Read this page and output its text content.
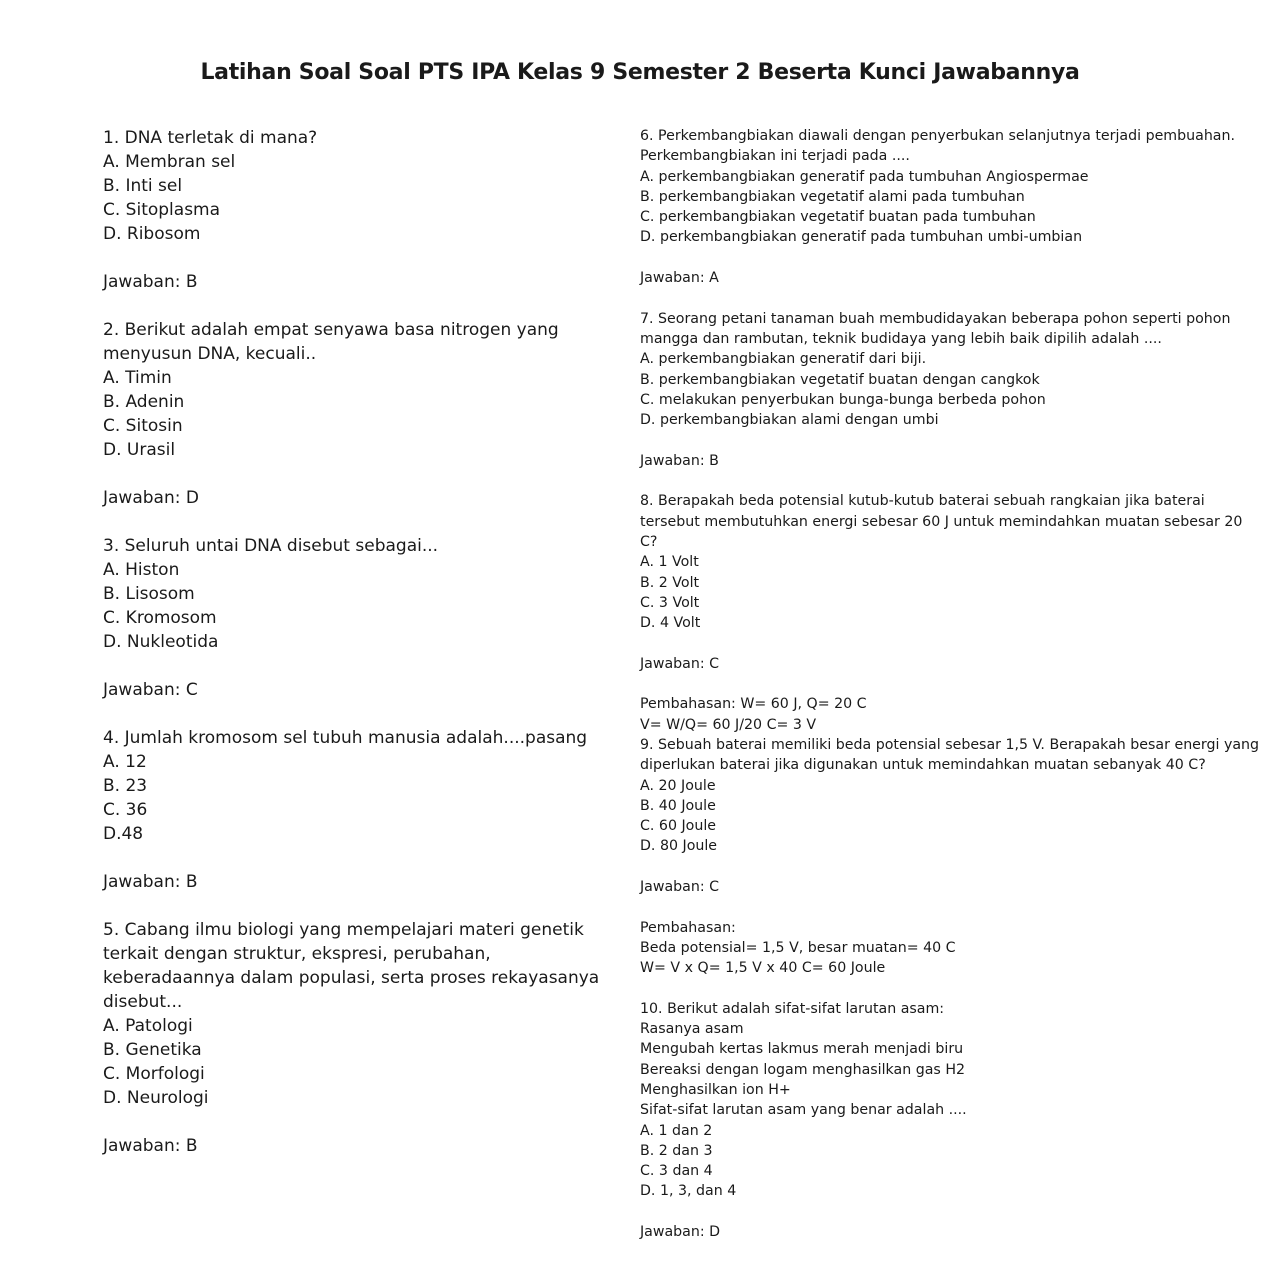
Latihan Soal Soal PTS IPA Kelas 9 Semester 2 Beserta Kunci Jawabannya
1. DNA terletak di mana?
A. Membran sel
B. Inti sel
C. Sitoplasma
D. Ribosom
Jawaban: B
2. Berikut adalah empat senyawa basa nitrogen yang
menyusun DNA, kecuali..
A. Timin
B. Adenin
C. Sitosin
D. Urasil
Jawaban: D
3. Seluruh untai DNA disebut sebagai...
A. Histon
B. Lisosom
C. Kromosom
D. Nukleotida
Jawaban: C
4. Jumlah kromosom sel tubuh manusia adalah....pasang
A. 12
B. 23
C. 36
D.48
Jawaban: B
5. Cabang ilmu biologi yang mempelajari materi genetik
terkait dengan struktur, ekspresi, perubahan,
keberadaannya dalam populasi, serta proses rekayasanya
disebut...
A. Patologi
B. Genetika
C. Morfologi
D. Neurologi
Jawaban: B
6. Perkembangbiakan diawali dengan penyerbukan selanjutnya terjadi pembuahan.
Perkembangbiakan ini terjadi pada ....
A. perkembangbiakan generatif pada tumbuhan Angiospermae
B. perkembangbiakan vegetatif alami pada tumbuhan
C. perkembangbiakan vegetatif buatan pada tumbuhan
D. perkembangbiakan generatif pada tumbuhan umbi-umbian
Jawaban: A
7. Seorang petani tanaman buah membudidayakan beberapa pohon seperti pohon
mangga dan rambutan, teknik budidaya yang lebih baik dipilih adalah ....
A. perkembangbiakan generatif dari biji.
B. perkembangbiakan vegetatif buatan dengan cangkok
C. melakukan penyerbukan bunga-bunga berbeda pohon
D. perkembangbiakan alami dengan umbi
Jawaban: B
8. Berapakah beda potensial kutub-kutub baterai sebuah rangkaian jika baterai
tersebut membutuhkan energi sebesar 60 J untuk memindahkan muatan sebesar 20
C?
A. 1 Volt
B. 2 Volt
C. 3 Volt
D. 4 Volt
Jawaban: C
Pembahasan: W= 60 J, Q= 20 C
V= W/Q= 60 J/20 C= 3 V
9. Sebuah baterai memiliki beda potensial sebesar 1,5 V. Berapakah besar energi yang
diperlukan baterai jika digunakan untuk memindahkan muatan sebanyak 40 C?
A. 20 Joule
B. 40 Joule
C. 60 Joule
D. 80 Joule
Jawaban: C
Pembahasan:
Beda potensial= 1,5 V, besar muatan= 40 C
W= V x Q= 1,5 V x 40 C= 60 Joule
10. Berikut adalah sifat-sifat larutan asam:
Rasanya asam
Mengubah kertas lakmus merah menjadi biru
Bereaksi dengan logam menghasilkan gas H2
Menghasilkan ion H+
Sifat-sifat larutan asam yang benar adalah ....
A. 1 dan 2
B. 2 dan 3
C. 3 dan 4
D. 1, 3, dan 4
Jawaban: D
